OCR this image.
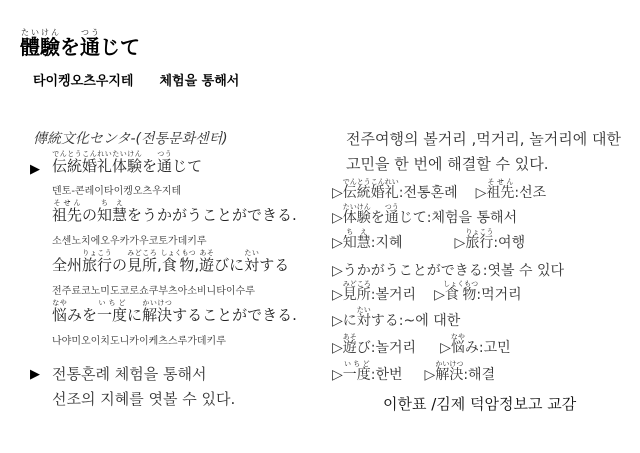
體驗たいけんを通つうじて
타이켕오츠우지테 체험을 통해서
傳統文化センタ-(전통문화센터)
▶ 伝統婚礼でんとうこんれい体験たいけんを通つうじて
덴토-콘레이타이켕오츠우지테
祖先そせんの知慧ちえをうかがうことができる.
소센노치에오우카가우코토가데키루
全州旅行りょこうの見所みどころ,食物しょくもつ,遊あそびに対たいする
전주료코노미도코로쇼쿠부츠아소비니타이수루
悩なやみを一度いちどに解決かいけつすることができる.
나야미오이치도니카이케츠스루가데키루
▶ 전통혼례 체험을 통해서
선조의 지혜를 엿볼 수 있다.
전주여행의 볼거리 ,먹거리, 놀거리에 대한
고민을 한 번에 해결할 수 있다.
▷伝統婚礼でんとうこんれい:전통혼례 ▷祖先そせん:선조
▷体験たいけんを通つうじて:체험을 통해서
▷知慧ちえ:지혜	▷旅行りょこう:여행
▷うかがうことができる:엿볼 수 있다
▷見所みどころ:볼거리 ▷食物しょくもつ:먹거리
▷に対たいする:~에 대한
▷遊あそび:놀거리 ▷悩なやみ:고민
▷一度いちど:한번 ▷解決かいけつ:해결
이한표 /김제 덕암정보고 교감
